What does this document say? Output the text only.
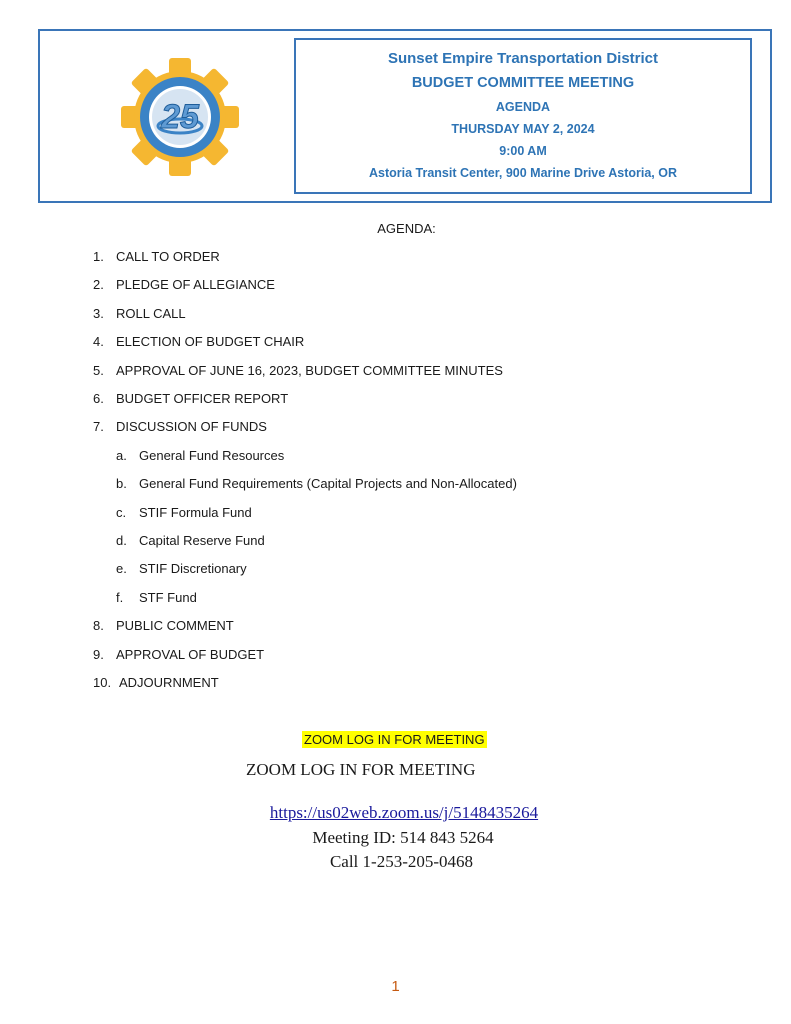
25
Sunset Empire Transportation District
BUDGET COMMITTEE MEETING
AGENDA
THURSDAY MAY 2, 2024
9:00 AM
Astoria Transit Center, 900 Marine Drive Astoria, OR
AGENDA:
1. CALL TO ORDER
2. PLEDGE OF ALLEGIANCE
3. ROLL CALL
4. ELECTION OF BUDGET CHAIR
5. APPROVAL OF JUNE 16, 2023, BUDGET COMMITTEE MINUTES
6. BUDGET OFFICER REPORT
7. DISCUSSION OF FUNDS
a. General Fund Resources
b. General Fund Requirements (Capital Projects and Non-Allocated)
c. STIF Formula Fund
d. Capital Reserve Fund
e. STIF Discretionary
f. STF Fund
8. PUBLIC COMMENT
9. APPROVAL OF BUDGET
10. ADJOURNMENT
ZOOM LOG IN FOR MEETING
ZOOM LOG IN FOR MEETING
https://us02web.zoom.us/j/5148435264
Meeting ID: 514 843 5264
Call 1-253-205-0468
1
